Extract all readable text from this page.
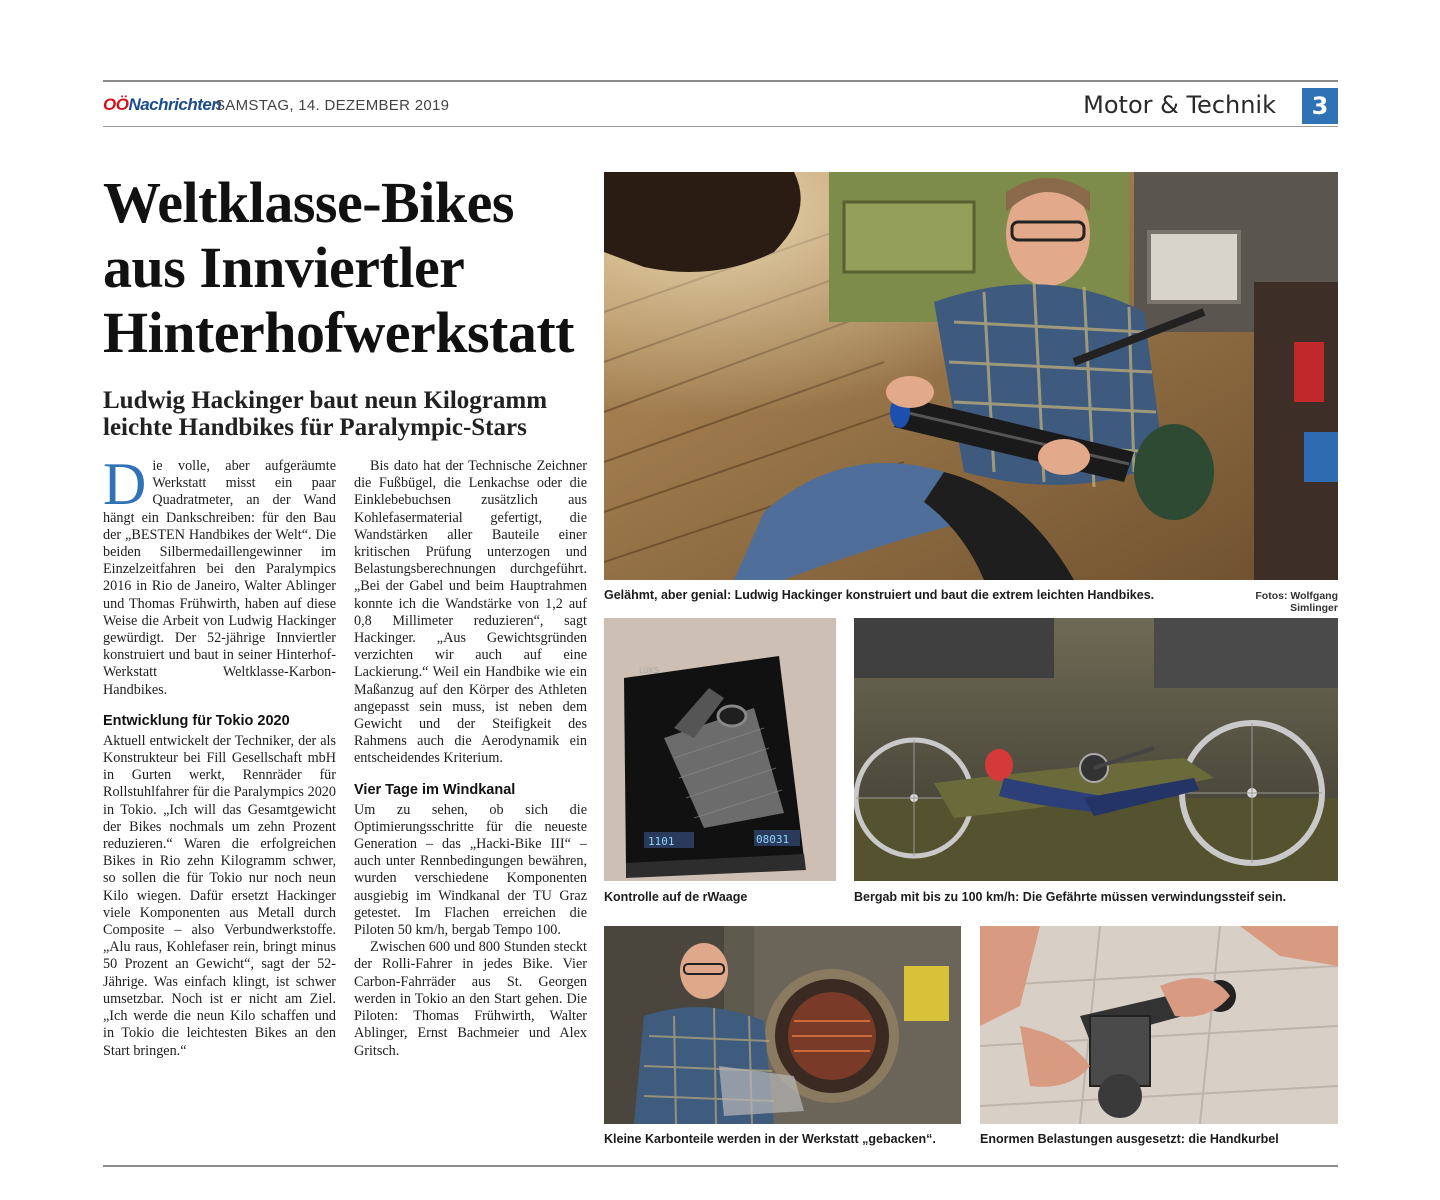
OÖNachrichten
SAMSTAG, 14. DEZEMBER 2019	Motor & Technik	3
Weltklasse-Bikes
aus Innviertler
Hinterhofwerkstatt
Ludwig Hackinger baut neun Kilogramm
leichte Handbikes für Paralympic-Stars

Die volle, aber aufgeräumte Werkstatt misst ein paar Quadratmeter, an der Wand hängt ein Dankschreiben: für den Bau der „BESTEN Handbikes der Welt“. Die beiden Silbermedaillengewinner im Einzelzeitfahren bei den Paralympics 2016 in Rio de Janeiro, Walter Ablinger und Thomas Frühwirth, haben auf diese Weise die Arbeit von Ludwig Hackinger gewürdigt. Der 52-jährige Innviertler konstruiert und baut in seiner Hinterhof-Werkstatt Weltklasse-Karbon-Handbikes.

Entwicklung für Tokio 2020

Aktuell entwickelt der Techniker, der als Konstrukteur bei Fill Gesellschaft mbH in Gurten werkt, Rennräder für Rollstuhlfahrer für die Paralympics 2020 in Tokio. „Ich will das Gesamtgewicht der Bikes nochmals um zehn Prozent reduzieren.“ Waren die erfolgreichen Bikes in Rio zehn Kilogramm schwer, so sollen die für Tokio nur noch neun Kilo wiegen. Dafür ersetzt Hackinger viele Komponenten aus Metall durch Composite – also Verbundwerkstoffe. „Alu raus, Kohlefaser rein, bringt minus 50 Prozent an Gewicht“, sagt der 52-Jährige. Was einfach klingt, ist schwer umsetzbar. Noch ist er nicht am Ziel. „Ich werde die neun Kilo schaffen und in Tokio die leichtesten Bikes an den Start bringen.“

Bis dato hat der Technische Zeichner die Fußbügel, die Lenkachse oder die Einklebebuchsen zusätzlich aus Kohlefasermaterial gefertigt, die Wandstärken aller Bauteile einer kritischen Prüfung unterzogen und Belastungsberechnungen durchgeführt. „Bei der Gabel und beim Hauptrahmen konnte ich die Wandstärke von 1,2 auf 0,8 Millimeter reduzieren“, sagt Hackinger. „Aus Gewichtsgründen verzichten wir auch auf eine Lackierung.“ Weil ein Handbike wie ein Maßanzug auf den Körper des Athleten angepasst sein muss, ist neben dem Gewicht und der Steifigkeit des Rahmens auch die Aerodynamik ein entscheidendes Kriterium.

Vier Tage im Windkanal

Um zu sehen, ob sich die Optimierungsschritte für die neueste Generation – das „Hacki-Bike III“ – auch unter Rennbedingungen bewähren, wurden verschiedene Komponenten ausgiebig im Windkanal der TU Graz getestet. Im Flachen erreichen die Piloten 50 km/h, bergab Tempo 100.

Zwischen 600 und 800 Stunden steckt der Rolli-Fahrer in jedes Bike. Vier Carbon-Fahrräder aus St. Georgen werden in Tokio an den Start gehen. Die Piloten: Thomas Frühwirth, Walter Ablinger, Ernst Bachmeier und Alex Gritsch.

Gelähmt, aber genial: Ludwig Hackinger konstruiert und baut die extrem leichten Handbikes.	Fotos: Wolfgang Simlinger
LÜKS
1101	08031
Kontrolle auf de rWaage	Bergab mit bis zu 100 km/h: Die Gefährte müssen verwindungssteif sein.
Kleine Karbonteile werden in der Werkstatt „gebacken“.	Enormen Belastungen ausgesetzt: die Handkurbel
